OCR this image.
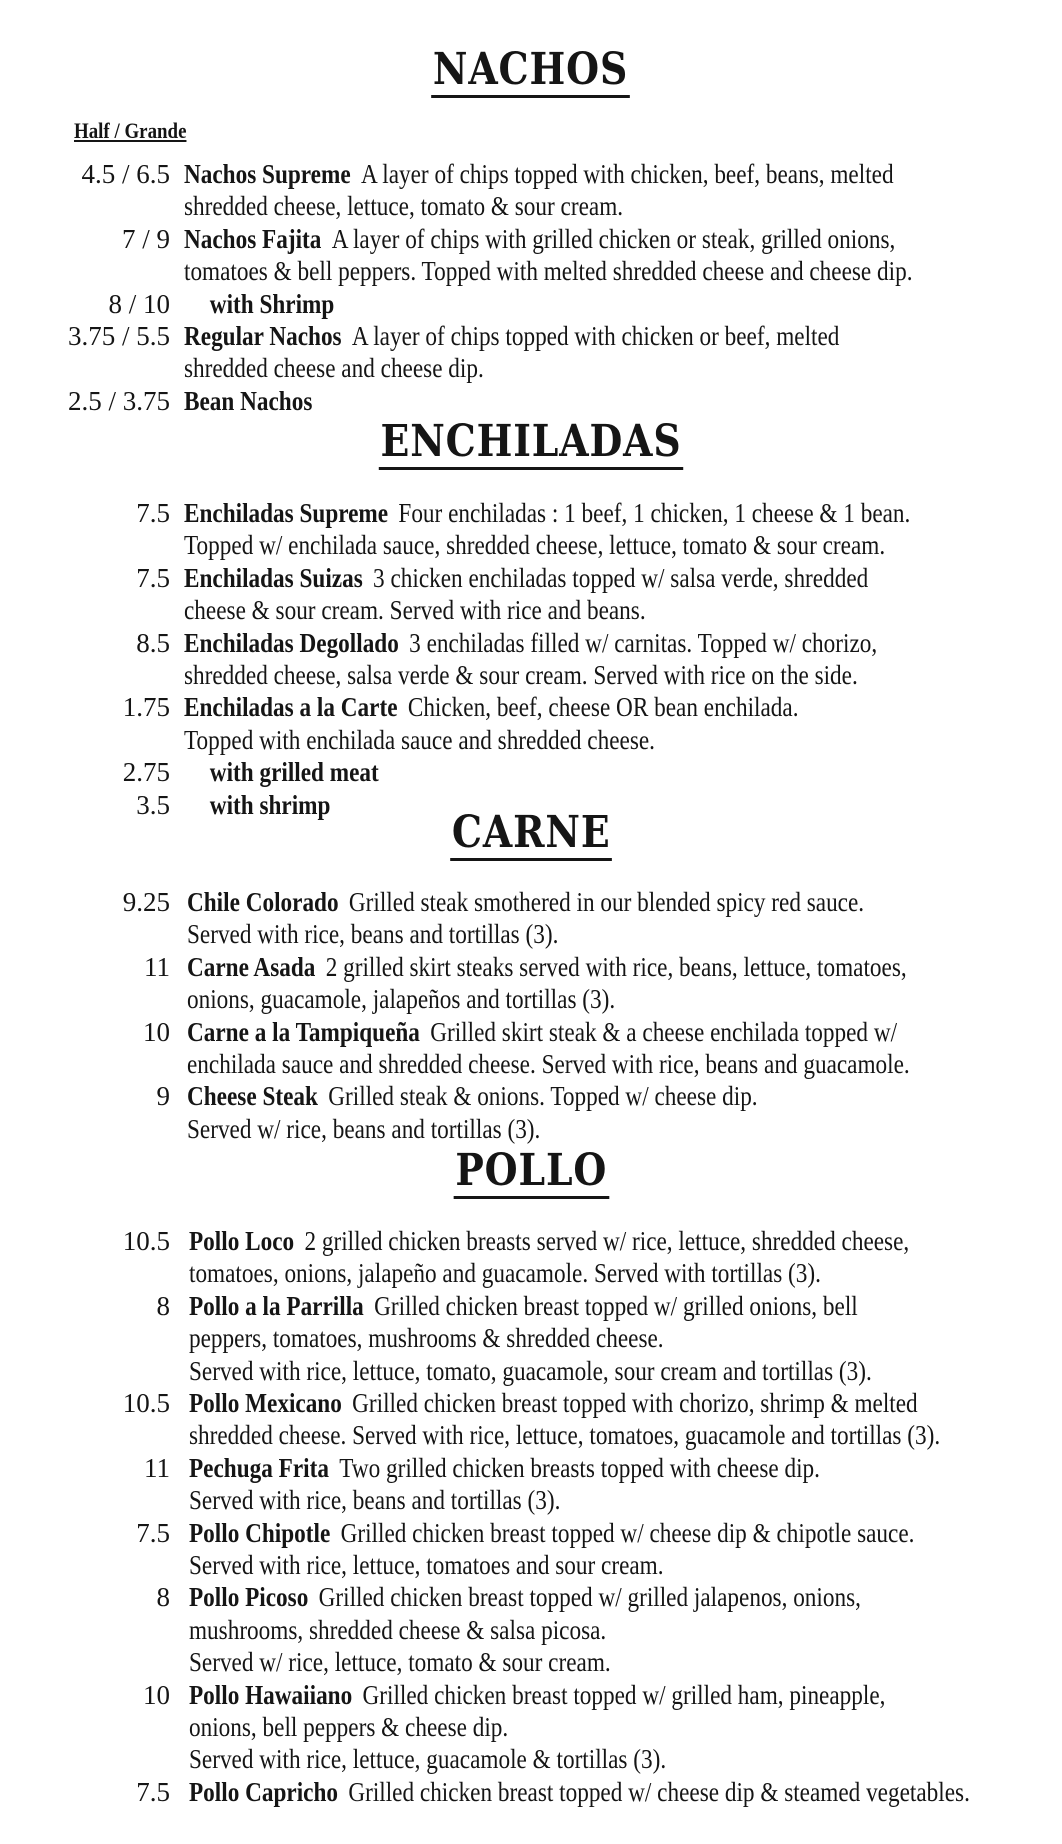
NACHOS
Half / Grande
4.5 / 6.5 Nachos Supreme A layer of chips topped with chicken, beef, beans, melted
shredded cheese, lettuce, tomato & sour cream.
7 / 9 Nachos Fajita A layer of chips with grilled chicken or steak, grilled onions,
tomatoes & bell peppers. Topped with melted shredded cheese and cheese dip.
8 / 10	with Shrimp
3.75 / 5.5 Regular Nachos A layer of chips topped with chicken or beef, melted
shredded cheese and cheese dip.
2.5 / 3.75 Bean Nachos
ENCHILADAS
7.5 Enchiladas Supreme Four enchiladas : 1 beef, 1 chicken, 1 cheese & 1 bean.
Topped w/ enchilada sauce, shredded cheese, lettuce, tomato & sour cream.
7.5 Enchiladas Suizas 3 chicken enchiladas topped w/ salsa verde, shredded
cheese & sour cream. Served with rice and beans.
8.5 Enchiladas Degollado 3 enchiladas filled w/ carnitas. Topped w/ chorizo,
shredded cheese, salsa verde & sour cream. Served with rice on the side.
1.75 Enchiladas a la Carte Chicken, beef, cheese OR bean enchilada.
Topped with enchilada sauce and shredded cheese.
2.75	with grilled meat
3.5	with shrimp
CARNE
9.25 Chile Colorado Grilled steak smothered in our blended spicy red sauce.
Served with rice, beans and tortillas (3).
11 Carne Asada 2 grilled skirt steaks served with rice, beans, lettuce, tomatoes,
onions, guacamole, jalapeños and tortillas (3).
10 Carne a la Tampiqueña Grilled skirt steak & a cheese enchilada topped w/
enchilada sauce and shredded cheese. Served with rice, beans and guacamole.
9 Cheese Steak Grilled steak & onions. Topped w/ cheese dip.
Served w/ rice, beans and tortillas (3).
POLLO
10.5 Pollo Loco 2 grilled chicken breasts served w/ rice, lettuce, shredded cheese,
tomatoes, onions, jalapeño and guacamole. Served with tortillas (3).
8 Pollo a la Parrilla Grilled chicken breast topped w/ grilled onions, bell
peppers, tomatoes, mushrooms & shredded cheese.
Served with rice, lettuce, tomato, guacamole, sour cream and tortillas (3).
10.5 Pollo Mexicano Grilled chicken breast topped with chorizo, shrimp & melted
shredded cheese. Served with rice, lettuce, tomatoes, guacamole and tortillas (3).
11 Pechuga Frita Two grilled chicken breasts topped with cheese dip.
Served with rice, beans and tortillas (3).
7.5 Pollo Chipotle Grilled chicken breast topped w/ cheese dip & chipotle sauce.
Served with rice, lettuce, tomatoes and sour cream.
8 Pollo Picoso Grilled chicken breast topped w/ grilled jalapenos, onions,
mushrooms, shredded cheese & salsa picosa.
Served w/ rice, lettuce, tomato & sour cream.
10 Pollo Hawaiiano Grilled chicken breast topped w/ grilled ham, pineapple,
onions, bell peppers & cheese dip.
Served with rice, lettuce, guacamole & tortillas (3).
7.5 Pollo Capricho Grilled chicken breast topped w/ cheese dip & steamed vegetables.
